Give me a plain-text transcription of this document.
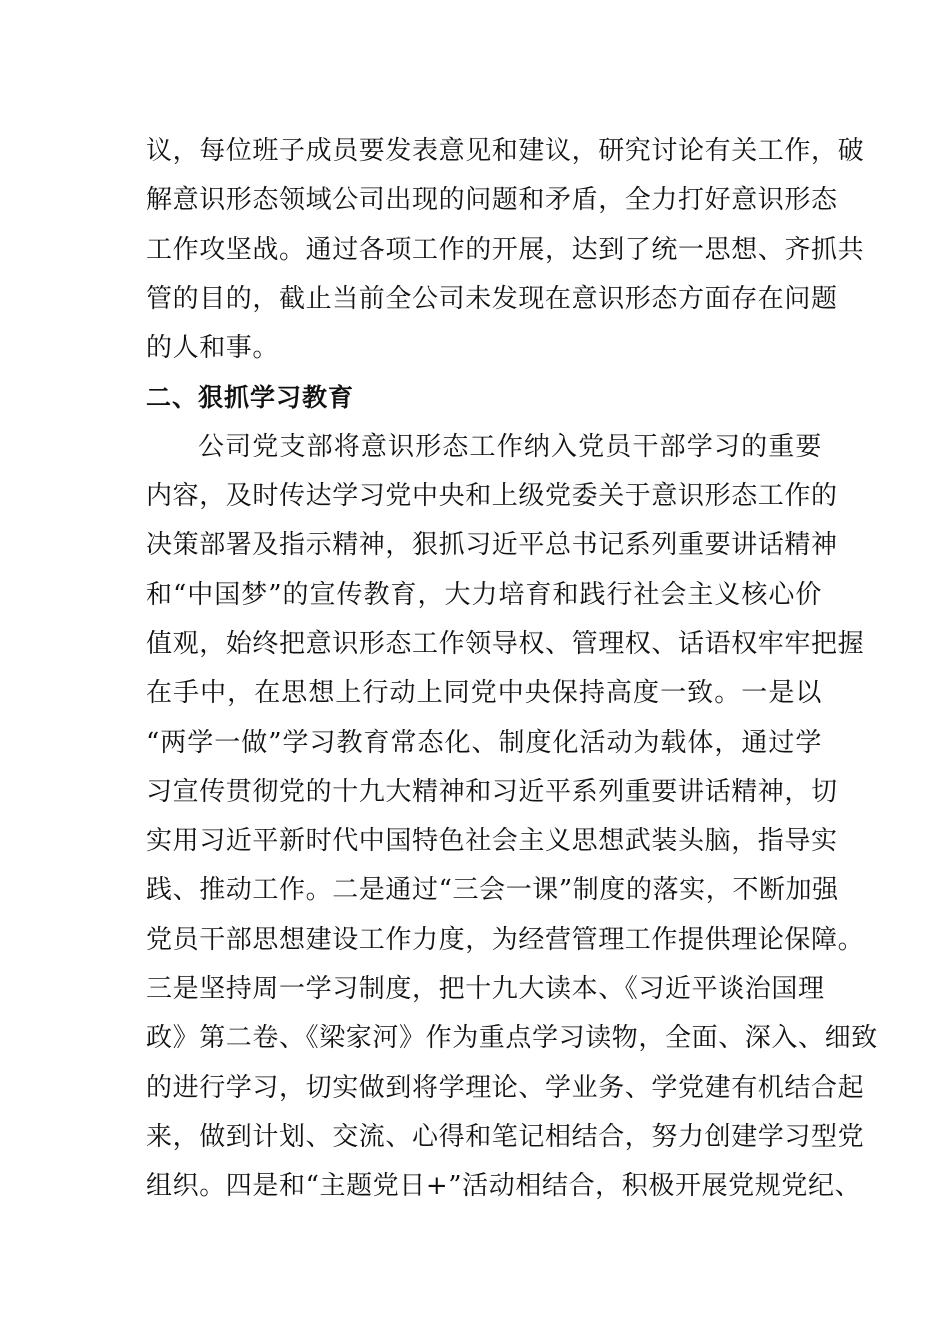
议，每位班子成员要发表意见和建议，研究讨论有关工作，破
解意识形态领域公司出现的问题和矛盾，全力打好意识形态
工作攻坚战。通过各项工作的开展，达到了统一思想、齐抓共
管的目的，截止当前全公司未发现在意识形态方面存在问题
的人和事。
二、狠抓学习教育
公司党支部将意识形态工作纳入党员干部学习的重要
内容，及时传达学习党中央和上级党委关于意识形态工作的
决策部署及指示精神，狠抓习近平总书记系列重要讲话精神
和“中国梦”的宣传教育，大力培育和践行社会主义核心价
值观，始终把意识形态工作领导权、管理权、话语权牢牢把握
在手中，在思想上行动上同党中央保持高度一致。一是以
“两学一做”学习教育常态化、制度化活动为载体，通过学
习宣传贯彻党的十九大精神和习近平系列重要讲话精神，切
实用习近平新时代中国特色社会主义思想武装头脑，指导实
践、推动工作。二是通过“三会一课”制度的落实，不断加强
党员干部思想建设工作力度，为经营管理工作提供理论保障。
三是坚持周一学习制度，把十九大读本、《习近平谈治国理
政》第二卷、《梁家河》作为重点学习读物，全面、深入、细致
的进行学习，切实做到将学理论、学业务、学党建有机结合起
来，做到计划、交流、心得和笔记相结合，努力创建学习型党
组织。四是和“主题党日+”活动相结合，积极开展党规党纪、
